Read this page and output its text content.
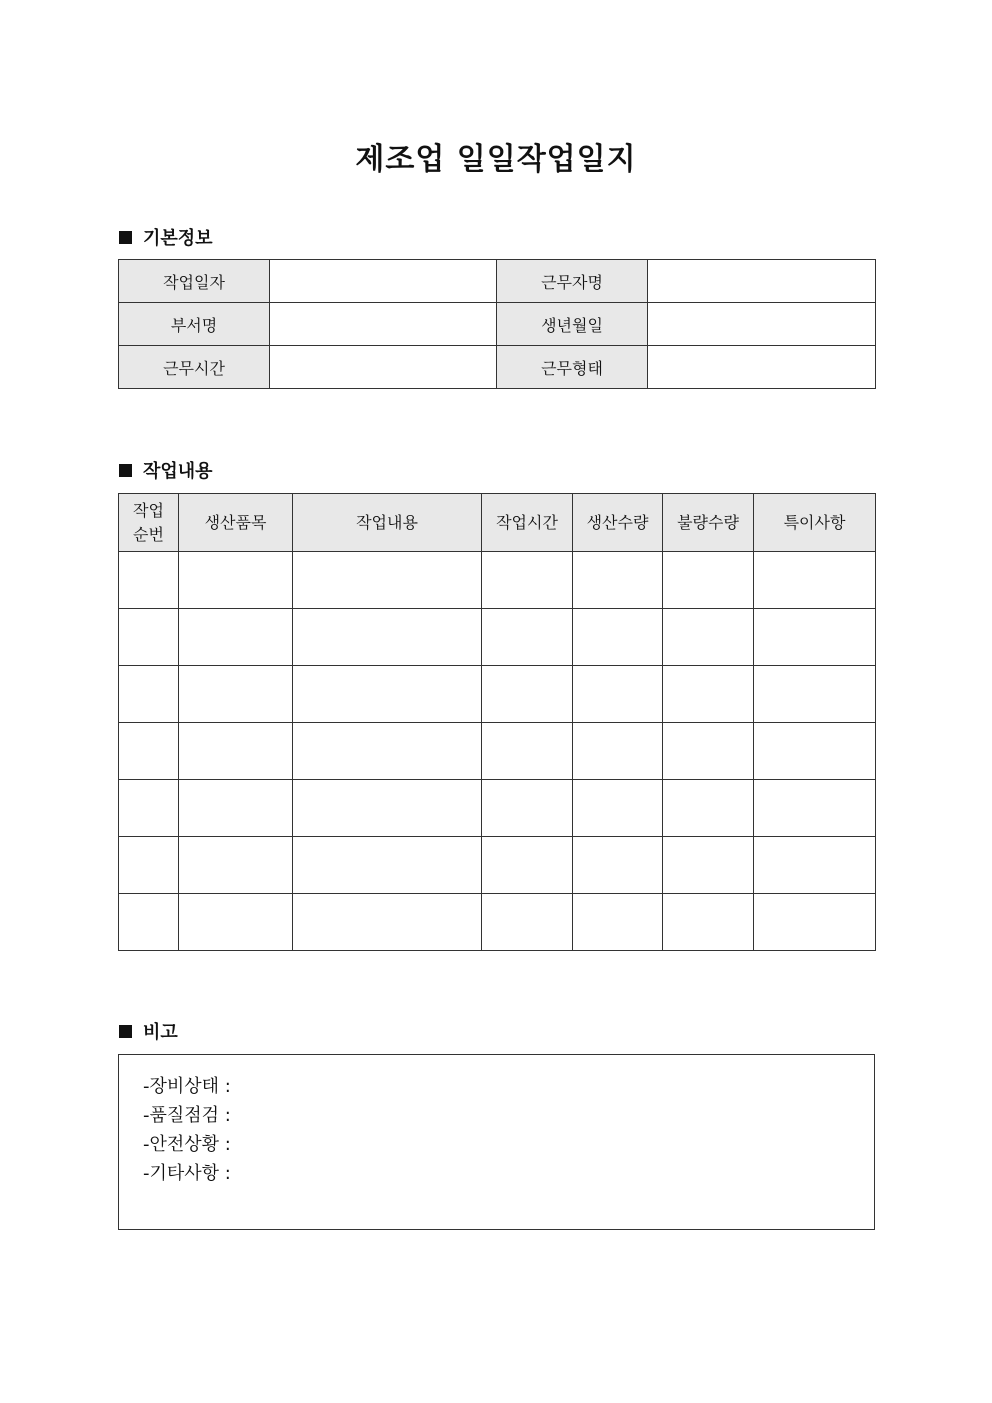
제조업 일일작업일지
기본정보
작업일자		근무자명	
부서명		생년월일	
근무시간		근무형태	
작업내용
작업
순번	생산품목	작업내용	작업시간	생산수량	불량수량	특이사항

비고
-장비상태 :
-품질점검 :
-안전상황 :
-기타사항 :
